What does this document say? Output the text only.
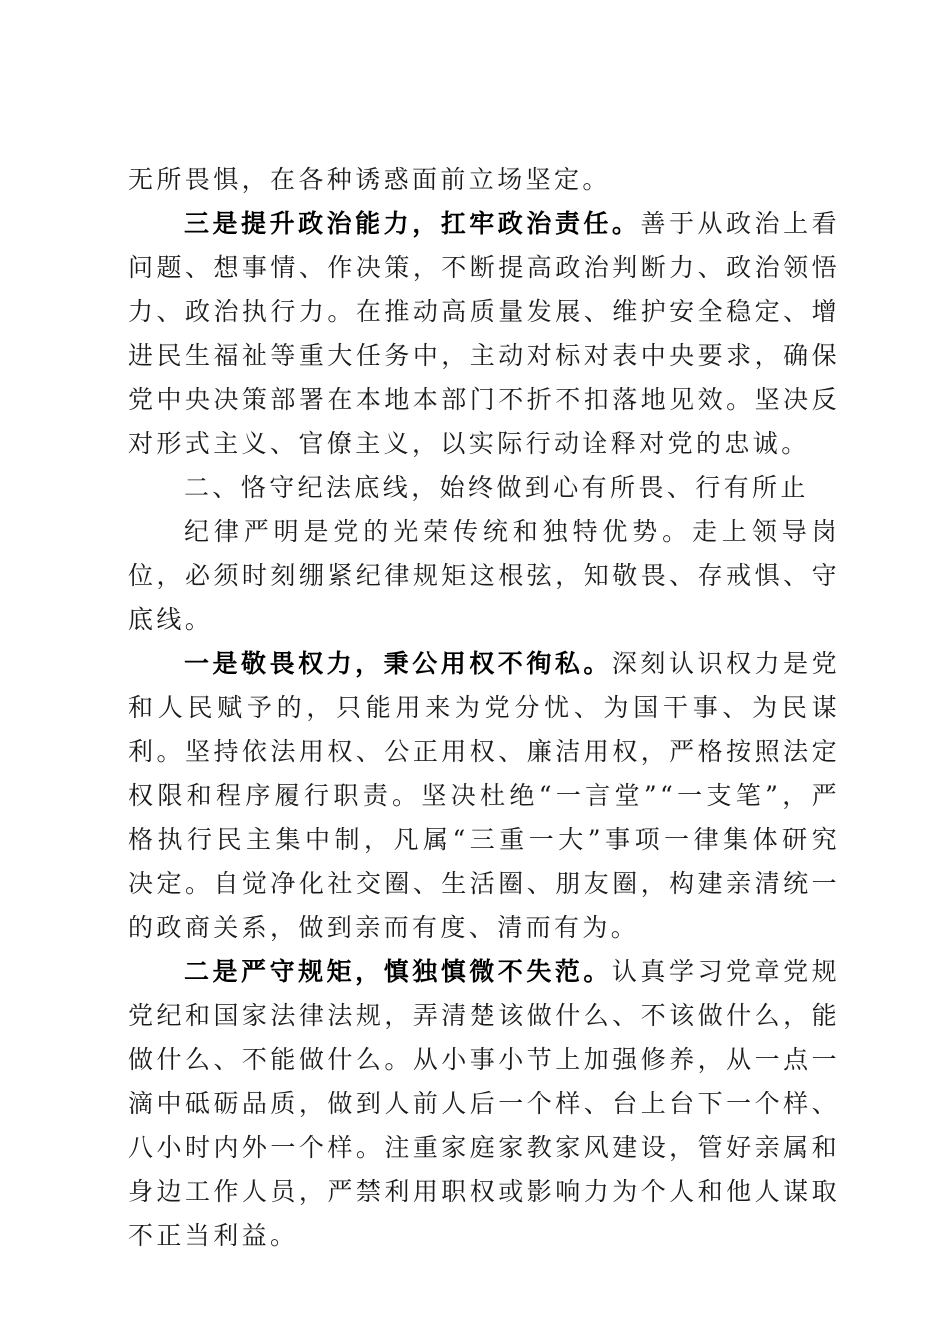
无所畏惧，在各种诱惑面前立场坚定。

三是提升政治能力，扛牢政治责任。善于从政治上看问题、想事情、作决策，不断提高政治判断力、政治领悟力、政治执行力。在推动高质量发展、维护安全稳定、增进民生福祉等重大任务中，主动对标对表中央要求，确保党中央决策部署在本地本部门不折不扣落地见效。坚决反对形式主义、官僚主义，以实际行动诠释对党的忠诚。

二、恪守纪法底线，始终做到心有所畏、行有所止

纪律严明是党的光荣传统和独特优势。走上领导岗位，必须时刻绷紧纪律规矩这根弦，知敬畏、存戒惧、守底线。

一是敬畏权力，秉公用权不徇私。深刻认识权力是党和人民赋予的，只能用来为党分忧、为国干事、为民谋利。坚持依法用权、公正用权、廉洁用权，严格按照法定权限和程序履行职责。坚决杜绝“一言堂”“一支笔”，严格执行民主集中制，凡属“三重一大”事项一律集体研究决定。自觉净化社交圈、生活圈、朋友圈，构建亲清统一的政商关系，做到亲而有度、清而有为。

二是严守规矩，慎独慎微不失范。认真学习党章党规党纪和国家法律法规，弄清楚该做什么、不该做什么，能做什么、不能做什么。从小事小节上加强修养，从一点一滴中砥砺品质，做到人前人后一个样、台上台下一个样、八小时内外一个样。注重家庭家教家风建设，管好亲属和身边工作人员，严禁利用职权或影响力为个人和他人谋取不正当利益。
